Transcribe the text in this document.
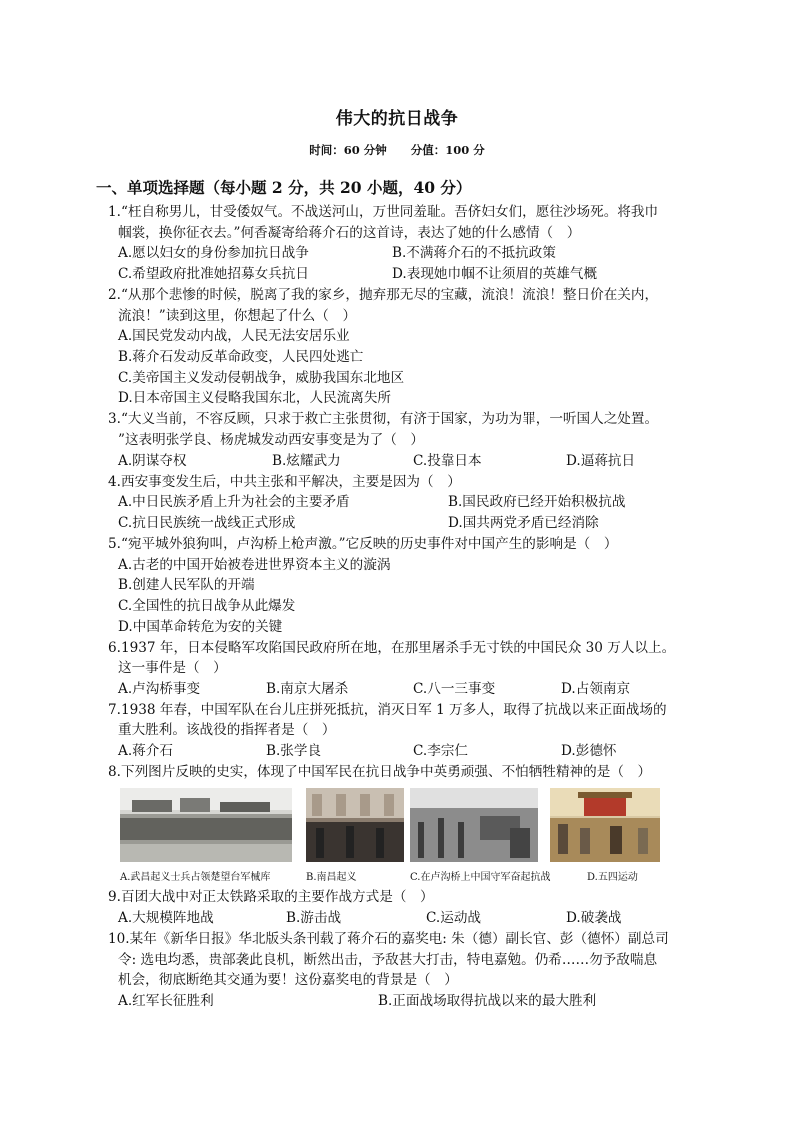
伟大的抗日战争
时间：60 分钟 分值：100 分
一、单项选择题（每小题 2 分，共 20 小题，40 分）
1.“枉自称男儿，甘受倭奴气。不战送河山，万世同羞耻。吾侪妇女们，愿往沙场死。将我巾
帼裳，换你征衣去。”何香凝寄给蒋介石的这首诗，表达了她的什么感情（　）
A.愿以妇女的身份参加抗日战争	B.不满蒋介石的不抵抗政策
C.希望政府批准她招募女兵抗日	D.表现她巾帼不让须眉的英雄气概
2.“从那个悲惨的时候，脱离了我的家乡，抛弃那无尽的宝藏，流浪！流浪！整日价在关内，
流浪！”读到这里，你想起了什么（　）
A.国民党发动内战，人民无法安居乐业
B.蒋介石发动反革命政变，人民四处逃亡
C.美帝国主义发动侵朝战争，威胁我国东北地区
D.日本帝国主义侵略我国东北，人民流离失所
3.“大义当前，不容反顾，只求于救亡主张贯彻，有济于国家，为功为罪，一听国人之处置。
”这表明张学良、杨虎城发动西安事变是为了（　）
A.阴谋夺权	B.炫耀武力	C.投靠日本	D.逼蒋抗日
4.西安事变发生后，中共主张和平解决，主要是因为（　）
A.中日民族矛盾上升为社会的主要矛盾	B.国民政府已经开始积极抗战
C.抗日民族统一战线正式形成	D.国共两党矛盾已经消除
5.“宛平城外狼狗叫，卢沟桥上枪声激。”它反映的历史事件对中国产生的影响是（　）
A.古老的中国开始被卷进世界资本主义的漩涡
B.创建人民军队的开端
C.全国性的抗日战争从此爆发
D.中国革命转危为安的关键
6.1937 年，日本侵略军攻陷国民政府所在地，在那里屠杀手无寸铁的中国民众 30 万人以上。
这一事件是（　）
A.卢沟桥事变	B.南京大屠杀	C.八一三事变	D.占领南京
7.1938 年春，中国军队在台儿庄拼死抵抗，消灭日军 1 万多人，取得了抗战以来正面战场的
重大胜利。该战役的指挥者是（　）
A.蒋介石	B.张学良	C.李宗仁	D.彭德怀
8.下列图片反映的史实，体现了中国军民在抗日战争中英勇顽强、不怕牺牲精神的是（　）
A.武昌起义士兵占领楚望台军械库	B.南昌起义	C.在卢沟桥上中国守军奋起抗战	D.五四运动
9.百团大战中对正太铁路采取的主要作战方式是（　）
A.大规模阵地战	B.游击战	C.运动战	D.破袭战
10.某年《新华日报》华北版头条刊载了蒋介石的嘉奖电: 朱（德）副长官、彭（德怀）副总司
令: 选电均悉，贵部袭此良机，断然出击，予敌甚大打击，特电嘉勉。仍希……勿予敌喘息
机会，彻底断绝其交通为要！这份嘉奖电的背景是（　）
A.红军长征胜利	B.正面战场取得抗战以来的最大胜利
